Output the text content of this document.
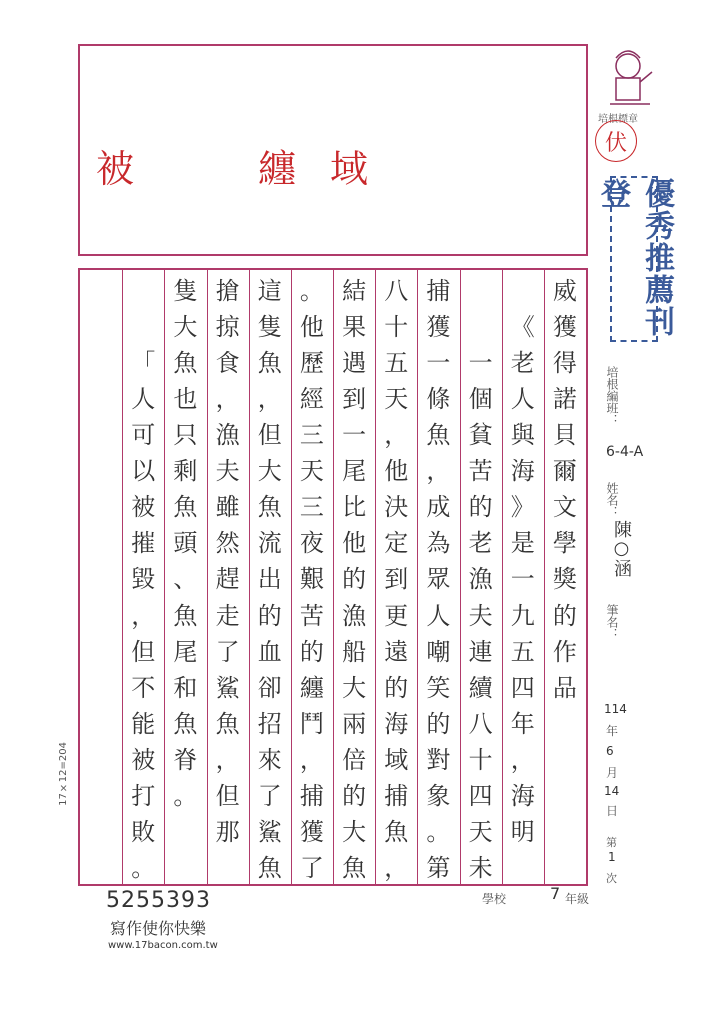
被	纏 域
威
獲
得
諾
貝
爾
文
學
獎
的
作
品
《
老
人
與
海
》
是
一
九
五
四
年
，
海
明
一
個
貧
苦
的
老
漁
夫
連
續
八
十
四
天
未
捕
獲
一
條
魚
，
成
為
眾
人
嘲
笑
的
對
象
。
第
八
十
五
天
，
他
決
定
到
更
遠
的
海
域
捕
魚
，
結
果
遇
到
一
尾
比
他
的
漁
船
大
兩
倍
的
大
魚
。
他
歷
經
三
天
三
夜
艱
苦
的
纏
鬥
，
捕
獲
了
這
隻
魚
，
但
大
魚
流
出
的
血
卻
招
來
了
鯊
魚
搶
掠
食
，
漁
夫
雖
然
趕
走
了
鯊
魚
，
但
那
隻
大
魚
也
只
剩
魚
頭
、
魚
尾
和
魚
脊
。
「
人
可
以
被
摧
毀
，
但
不
能
被
打
敗
。
培根標章
伏
優秀推薦刊登
培根編班：
6-4-A
姓名：
陳○涵
筆名：
114
年
6
月
14
日
第
1
次
17×12=204
學校	7 年級
5255393
寫作使你快樂
www.17bacon.com.tw
